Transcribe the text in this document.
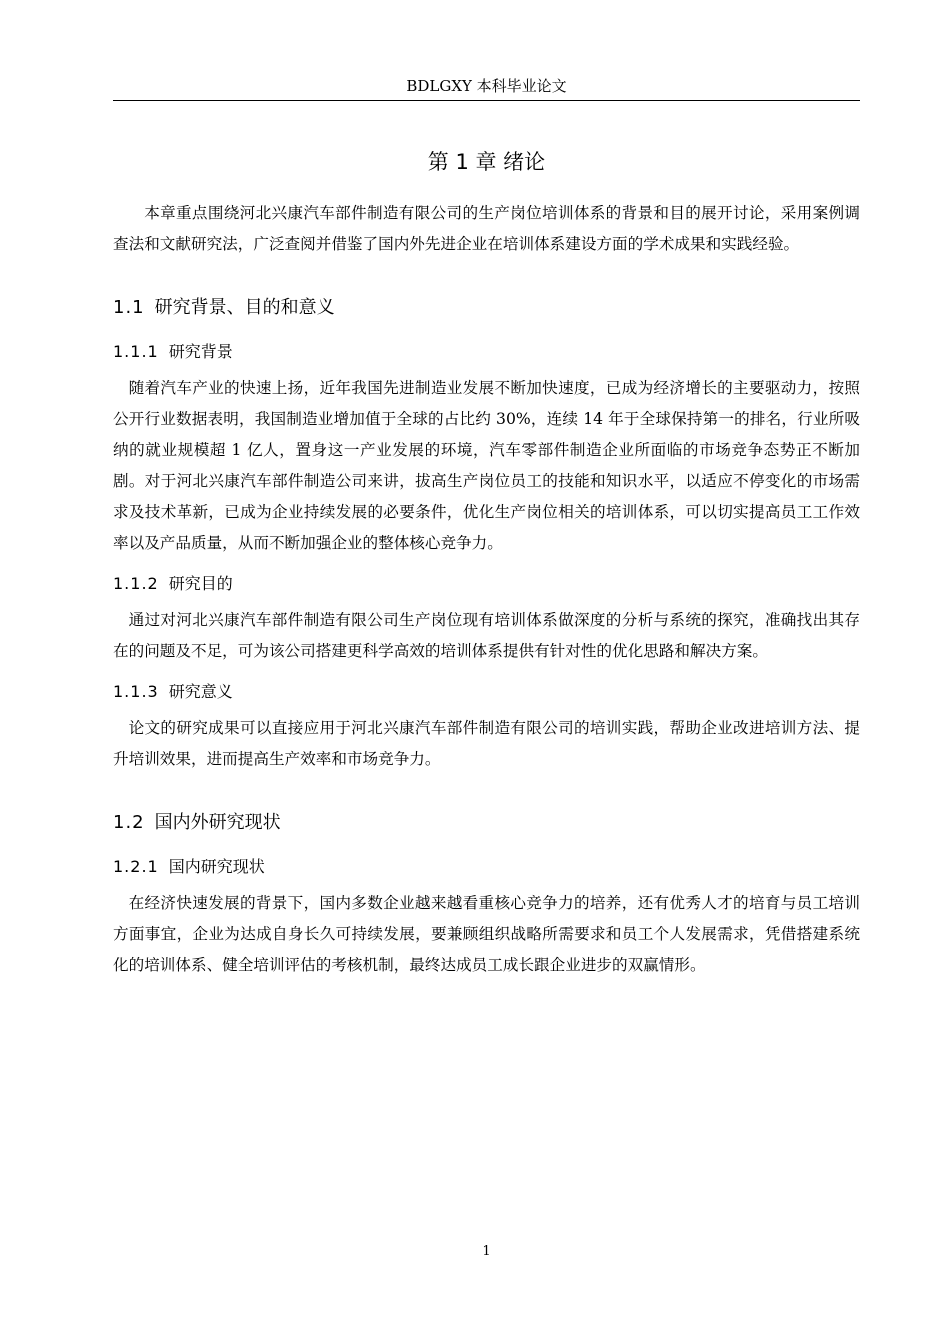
BDLGXY 本科毕业论文
第 1 章 绪论

本章重点围绕河北兴康汽车部件制造有限公司的生产岗位培训体系的背景和目的展开讨论，采用案例调查法和文献研究法，广泛查阅并借鉴了国内外先进企业在培训体系建设方面的学术成果和实践经验。

1.1 研究背景、目的和意义
1.1.1 研究背景

随着汽车产业的快速上扬，近年我国先进制造业发展不断加快速度，已成为经济增长的主要驱动力，按照公开行业数据表明，我国制造业增加值于全球的占比约 30%，连续 14 年于全球保持第一的排名，行业所吸纳的就业规模超 1 亿人，置身这一产业发展的环境，汽车零部件制造企业所面临的市场竞争态势正不断加剧。对于河北兴康汽车部件制造公司来讲，拔高生产岗位员工的技能和知识水平，以适应不停变化的市场需求及技术革新，已成为企业持续发展的必要条件，优化生产岗位相关的培训体系，可以切实提高员工工作效率以及产品质量，从而不断加强企业的整体核心竞争力。

1.1.2 研究目的

通过对河北兴康汽车部件制造有限公司生产岗位现有培训体系做深度的分析与系统的探究，准确找出其存在的问题及不足，可为该公司搭建更科学高效的培训体系提供有针对性的优化思路和解决方案。

1.1.3 研究意义

论文的研究成果可以直接应用于河北兴康汽车部件制造有限公司的培训实践，帮助企业改进培训方法、提升培训效果，进而提高生产效率和市场竞争力。

1.2 国内外研究现状
1.2.1 国内研究现状

在经济快速发展的背景下，国内多数企业越来越看重核心竞争力的培养，还有优秀人才的培育与员工培训方面事宜，企业为达成自身长久可持续发展，要兼顾组织战略所需要求和员工个人发展需求，凭借搭建系统化的培训体系、健全培训评估的考核机制，最终达成员工成长跟企业进步的双赢情形。

1
